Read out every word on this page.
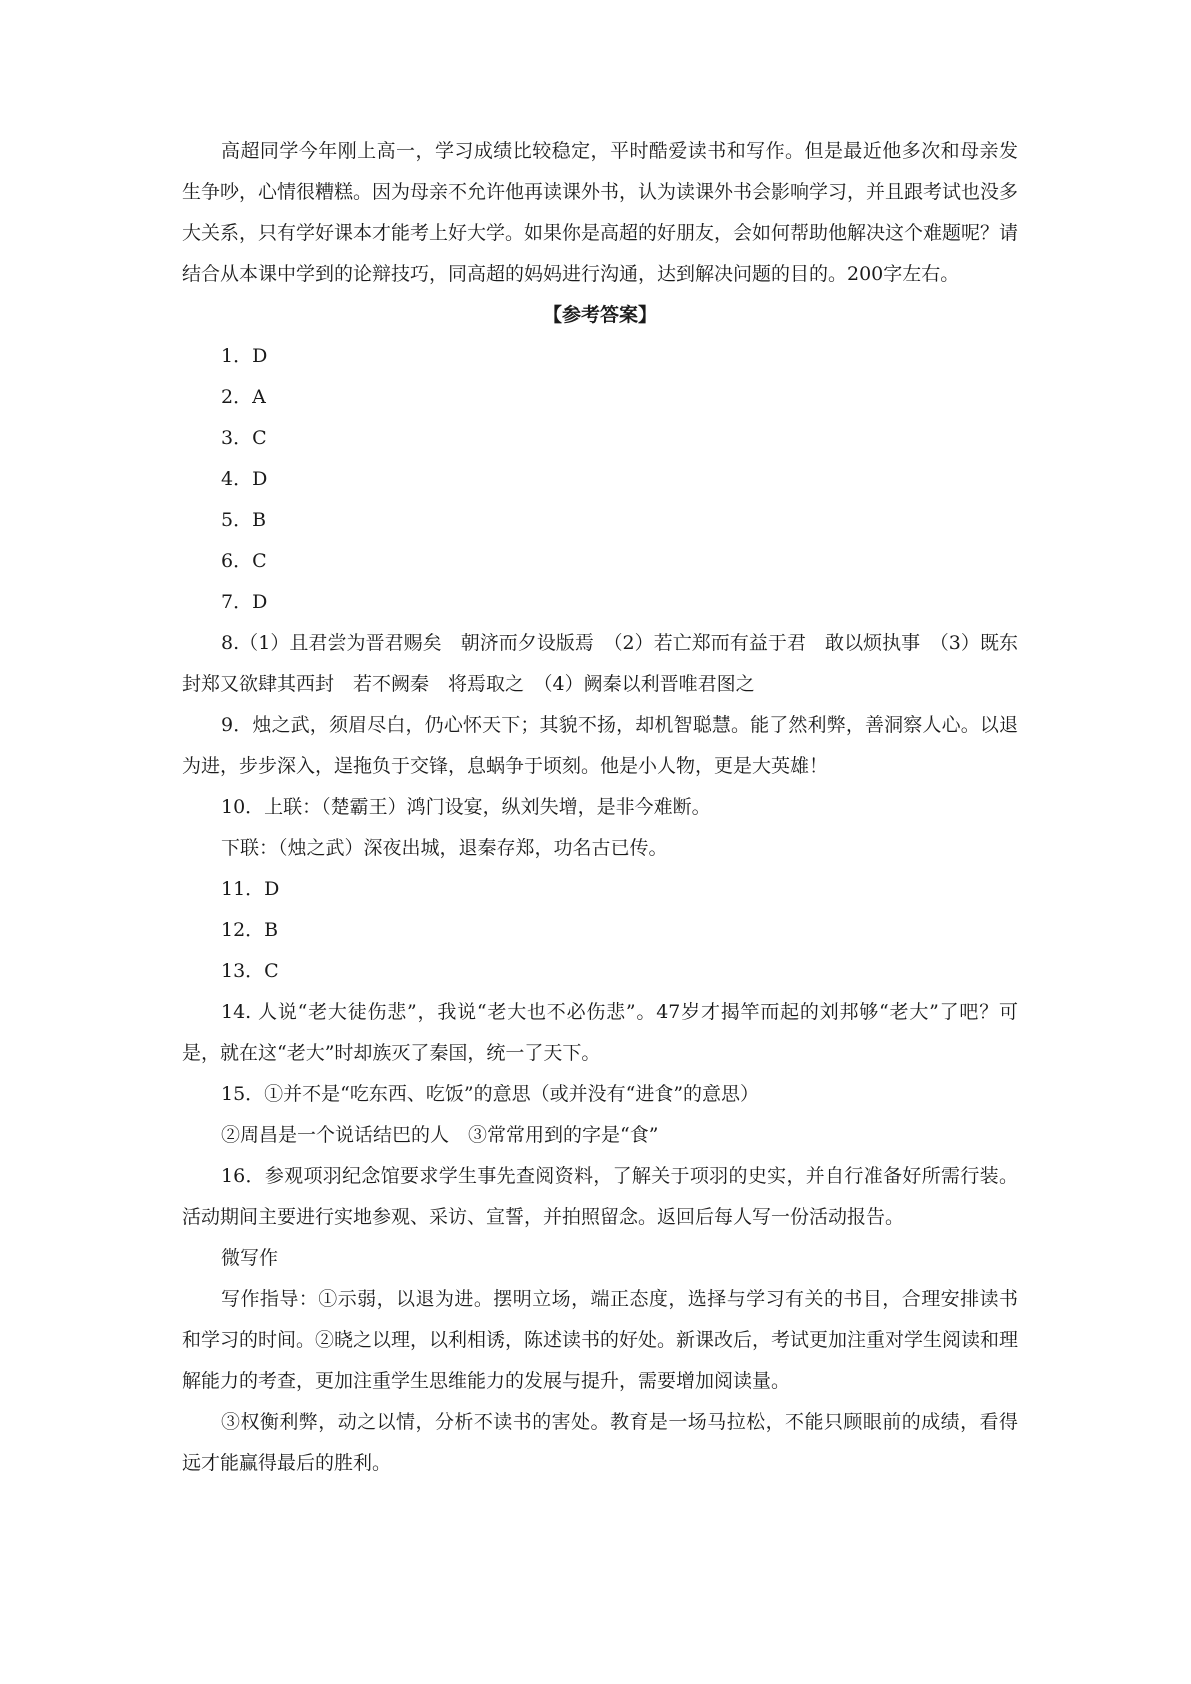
高超同学今年刚上高一，学习成绩比较稳定，平时酷爱读书和写作。但是最近他多次和母亲发生争吵，心情很糟糕。因为母亲不允许他再读课外书，认为读课外书会影响学习，并且跟考试也没多大关系，只有学好课本才能考上好大学。如果你是高超的好朋友，会如何帮助他解决这个难题呢？请结合从本课中学到的论辩技巧，同高超的妈妈进行沟通，达到解决问题的目的。200字左右。

【参考答案】

1．D

2．A

3．C

4．D

5．B

6．C

7．D

8.（1）且君尝为晋君赐矣　朝济而夕设版焉　（2）若亡郑而有益于君　敢以烦执事　（3）既东封郑又欲肆其西封　若不阙秦　将焉取之　（4）阙秦以利晋唯君图之

9．烛之武，须眉尽白，仍心怀天下；其貌不扬，却机智聪慧。能了然利弊，善洞察人心。以退为进，步步深入，逞拖负于交锋，息蜗争于顷刻。他是小人物，更是大英雄！

10．上联：（楚霸王）鸿门设宴，纵刘失增，是非今难断。

下联：（烛之武）深夜出城，退秦存郑，功名古已传。

11．D

12．B

13．C

14. 人说“老大徒伤悲”，我说“老大也不必伤悲”。47岁才揭竿而起的刘邦够“老大”了吧？可是，就在这“老大”时却族灭了秦国，统一了天下。

15．①并不是“吃东西、吃饭”的意思（或并没有“进食”的意思）

②周昌是一个说话结巴的人　③常常用到的字是“食”

16．参观项羽纪念馆要求学生事先查阅资料，了解关于项羽的史实，并自行准备好所需行装。活动期间主要进行实地参观、采访、宣誓，并拍照留念。返回后每人写一份活动报告。

微写作

写作指导：①示弱，以退为进。摆明立场，端正态度，选择与学习有关的书目，合理安排读书和学习的时间。②晓之以理，以利相诱，陈述读书的好处。新课改后，考试更加注重对学生阅读和理解能力的考查，更加注重学生思维能力的发展与提升，需要增加阅读量。

③权衡利弊，动之以情，分析不读书的害处。教育是一场马拉松，不能只顾眼前的成绩，看得远才能赢得最后的胜利。
